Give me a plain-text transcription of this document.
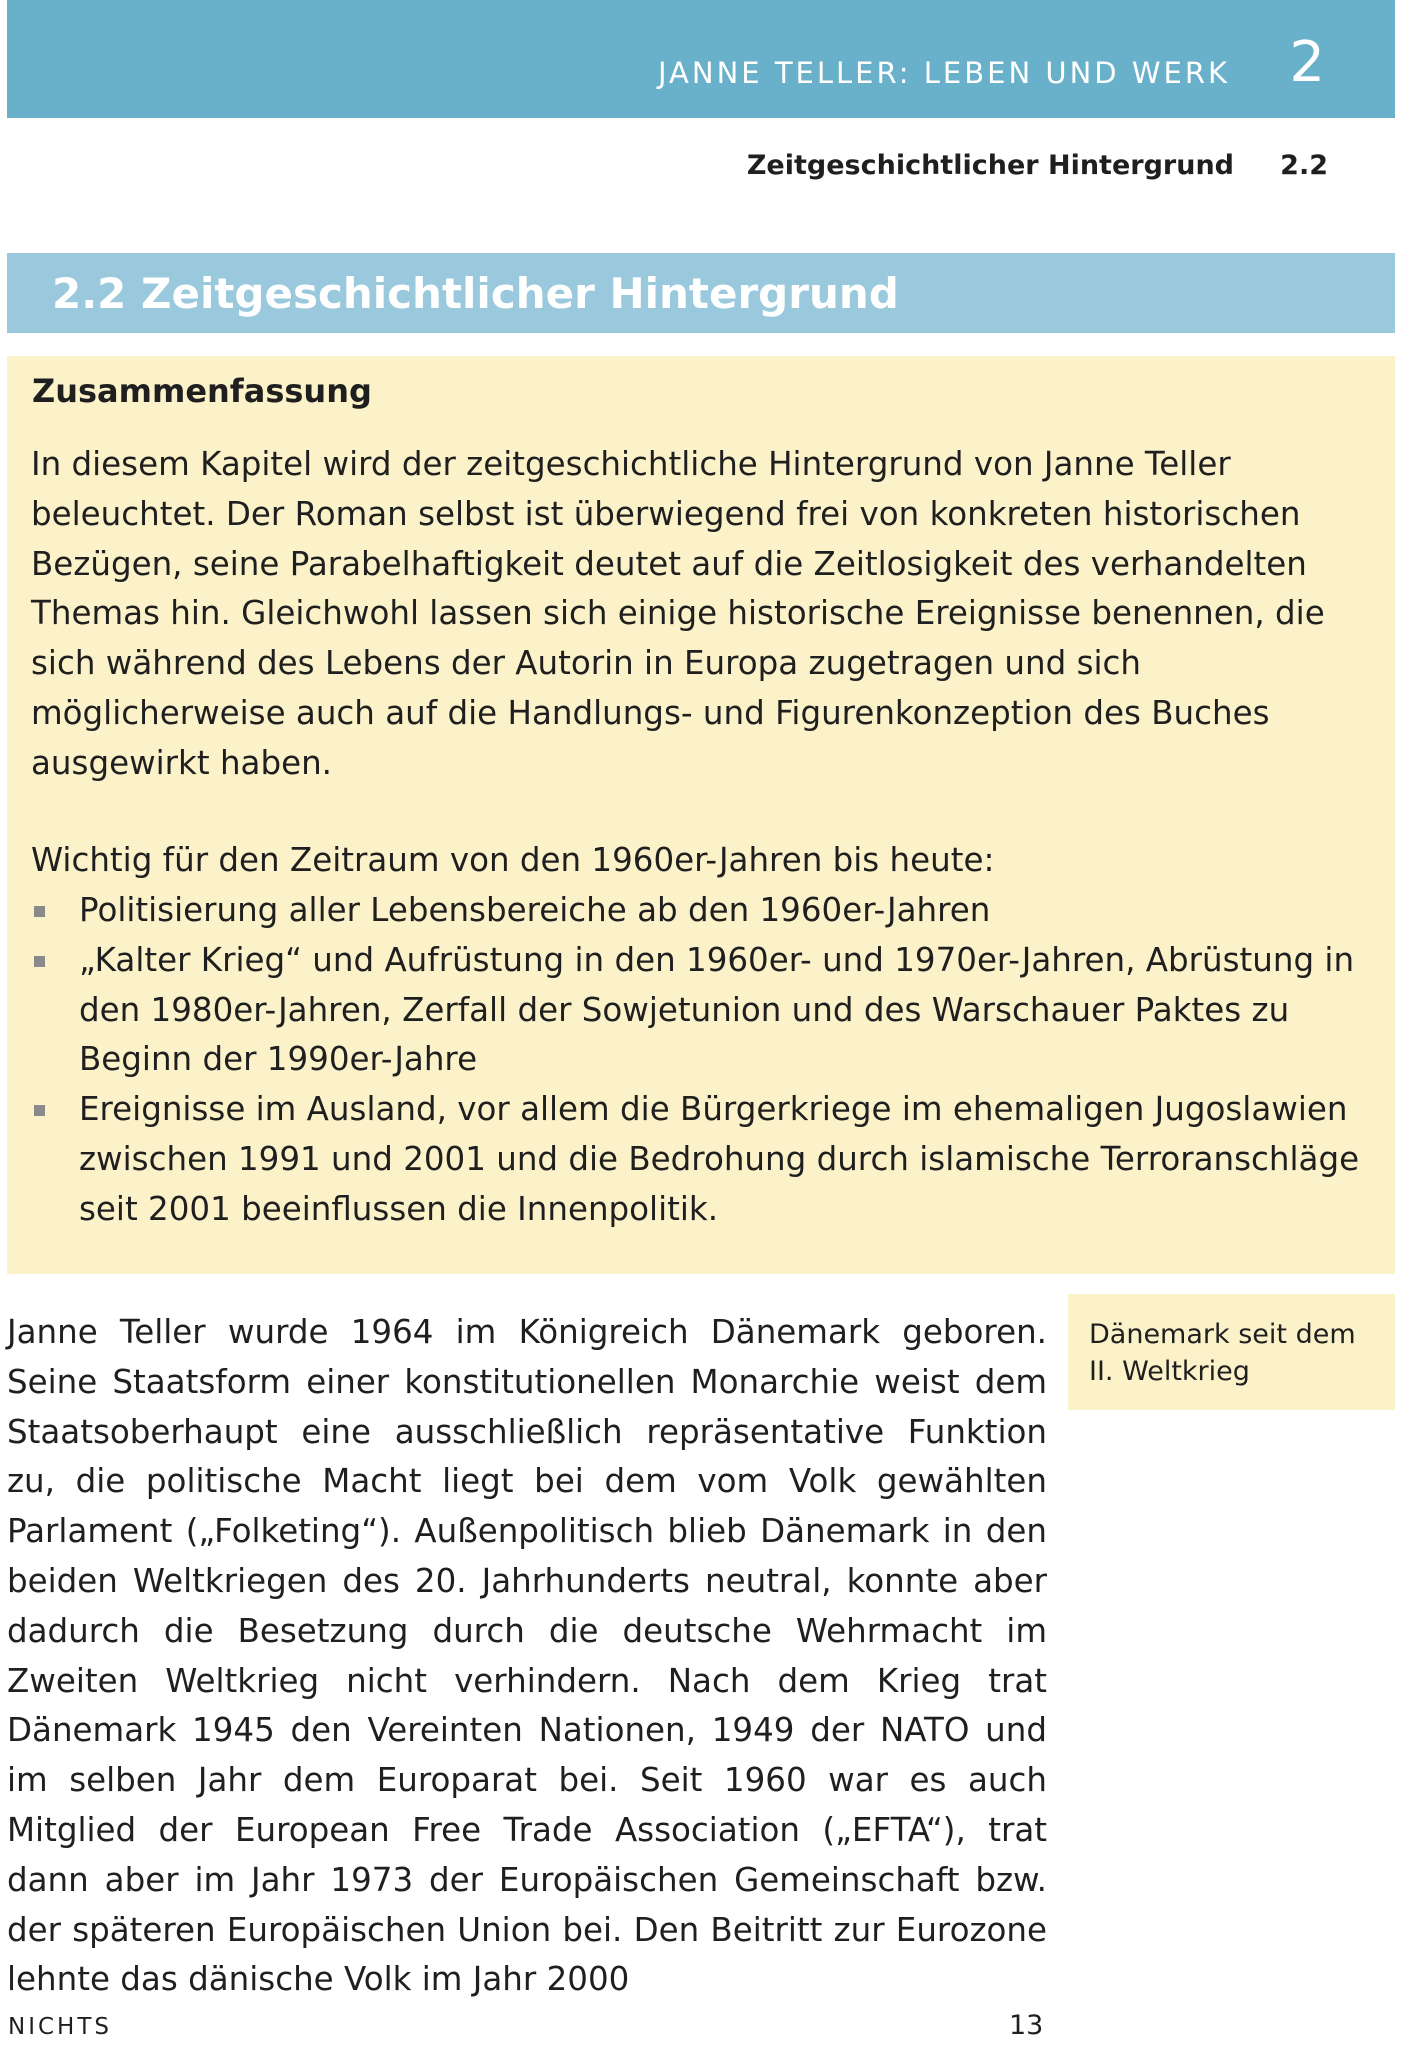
JANNE TELLER: LEBEN UND WERK 2
Zeitgeschichtlicher Hintergrund 2.2
2.2 Zeitgeschichtlicher Hintergrund
Zusammenfassung

In diesem Kapitel wird der zeitgeschichtliche Hintergrund von Janne Teller beleuchtet. Der Roman selbst ist überwiegend frei von konkreten historischen Bezügen, seine Parabelhaftigkeit deutet auf die Zeitlosigkeit des verhandelten Themas hin. Gleichwohl lassen sich einige historische Ereignisse benennen, die sich während des Lebens der Autorin in Europa zugetragen und sich möglicherweise auch auf die Handlungs- und Figurenkonzeption des Buches ausgewirkt haben.

Wichtig für den Zeitraum von den 1960er-Jahren bis heute:
Politisierung aller Lebensbereiche ab den 1960er-Jahren
„Kalter Krieg“ und Aufrüstung in den 1960er- und 1970er-Jahren, Abrüstung in den 1980er-Jahren, Zerfall der Sowjetunion und des Warschauer Paktes zu Beginn der 1990er-Jahre
Ereignisse im Ausland, vor allem die Bürgerkriege im ehemaligen Jugoslawien zwischen 1991 und 2001 und die Bedrohung durch islamische Terroranschläge seit 2001 beeinflussen die Innenpolitik.

Janne Teller wurde 1964 im Königreich Dänemark geboren. Seine Staatsform einer konstitutionellen Monarchie weist dem Staatsoberhaupt eine ausschließlich repräsentative Funktion zu, die politische Macht liegt bei dem vom Volk gewählten Parlament („Folketing“). Außenpolitisch blieb Dänemark in den beiden Weltkriegen des 20. Jahrhunderts neutral, konnte aber dadurch die Besetzung durch die deutsche Wehrmacht im Zweiten Weltkrieg nicht verhindern. Nach dem Krieg trat Dänemark 1945 den Vereinten Nationen, 1949 der NATO und im selben Jahr dem Europarat bei. Seit 1960 war es auch Mitglied der European Free Trade Association („EFTA“), trat dann aber im Jahr 1973 der Europäischen Gemeinschaft bzw. der späteren Europäischen Union bei. Den Beitritt zur Eurozone lehnte das dänische Volk im Jahr 2000

Dänemark seit dem II. Weltkrieg
NICHTS	13
